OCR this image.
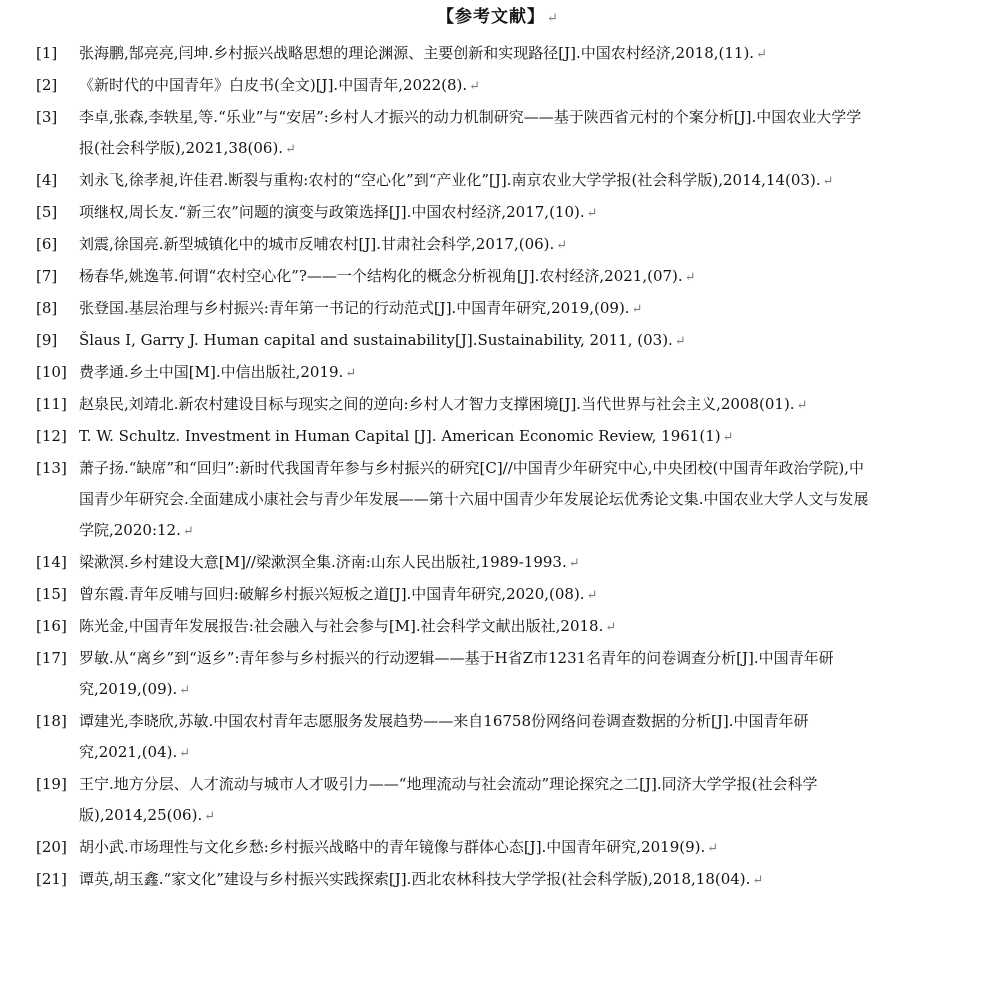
【参考文献】 ↵
[1] 张海鹏,郜亮亮,闫坤.乡村振兴战略思想的理论渊源、主要创新和实现路径[J].中国农村经济,2018,(11). ↵
[2] 《新时代的中国青年》白皮书(全文)[J].中国青年,2022(8). ↵
[3] 李卓,张森,李轶星,等.“乐业”与“安居”:乡村人才振兴的动力机制研究——基于陕西省元村的个案分析[J].中国农业大学学报(社会科学版),2021,38(06). ↵
[4] 刘永飞,徐孝昶,许佳君.断裂与重构:农村的“空心化”到“产业化”[J].南京农业大学学报(社会科学版),2014,14(03). ↵
[5] 项继权,周长友.“新三农”问题的演变与政策选择[J].中国农村经济,2017,(10). ↵
[6] 刘震,徐国亮.新型城镇化中的城市反哺农村[J].甘肃社会科学,2017,(06). ↵
[7] 杨春华,姚逸苇.何谓“农村空心化”?——一个结构化的概念分析视角[J].农村经济,2021,(07). ↵
[8] 张登国.基层治理与乡村振兴:青年第一书记的行动范式[J].中国青年研究,2019,(09). ↵
[9] Šlaus I, Garry J. Human capital and sustainability[J].Sustainability, 2011, (03). ↵
[10] 费孝通.乡土中国[M].中信出版社,2019. ↵
[11] 赵泉民,刘靖北.新农村建设目标与现实之间的逆向:乡村人才智力支撑困境[J].当代世界与社会主义,2008(01). ↵
[12] T. W. Schultz. Investment in Human Capital [J]. American Economic Review, 1961(1) ↵
[13] 萧子扬.“缺席”和“回归”:新时代我国青年参与乡村振兴的研究[C]//中国青少年研究中心,中央团校(中国青年政治学院),中国青少年研究会.全面建成小康社会与青少年发展——第十六届中国青少年发展论坛优秀论文集.中国农业大学人文与发展学院,2020:12. ↵
[14] 梁漱溟.乡村建设大意[M]//梁漱溟全集.济南:山东人民出版社,1989-1993. ↵
[15] 曾东霞.青年反哺与回归:破解乡村振兴短板之道[J].中国青年研究,2020,(08). ↵
[16] 陈光金,中国青年发展报告:社会融入与社会参与[M].社会科学文献出版社,2018. ↵
[17] 罗敏.从“离乡”到“返乡”:青年参与乡村振兴的行动逻辑——基于H省Z市1231名青年的问卷调查分析[J].中国青年研究,2019,(09). ↵
[18] 谭建光,李晓欣,苏敏.中国农村青年志愿服务发展趋势——来自16758份网络问卷调查数据的分析[J].中国青年研究,2021,(04). ↵
[19] 王宁.地方分层、人才流动与城市人才吸引力——“地理流动与社会流动”理论探究之二[J].同济大学学报(社会科学版),2014,25(06). ↵
[20] 胡小武.市场理性与文化乡愁:乡村振兴战略中的青年镜像与群体心态[J].中国青年研究,2019(9). ↵
[21] 谭英,胡玉鑫.“家文化”建设与乡村振兴实践探索[J].西北农林科技大学学报(社会科学版),2018,18(04). ↵
